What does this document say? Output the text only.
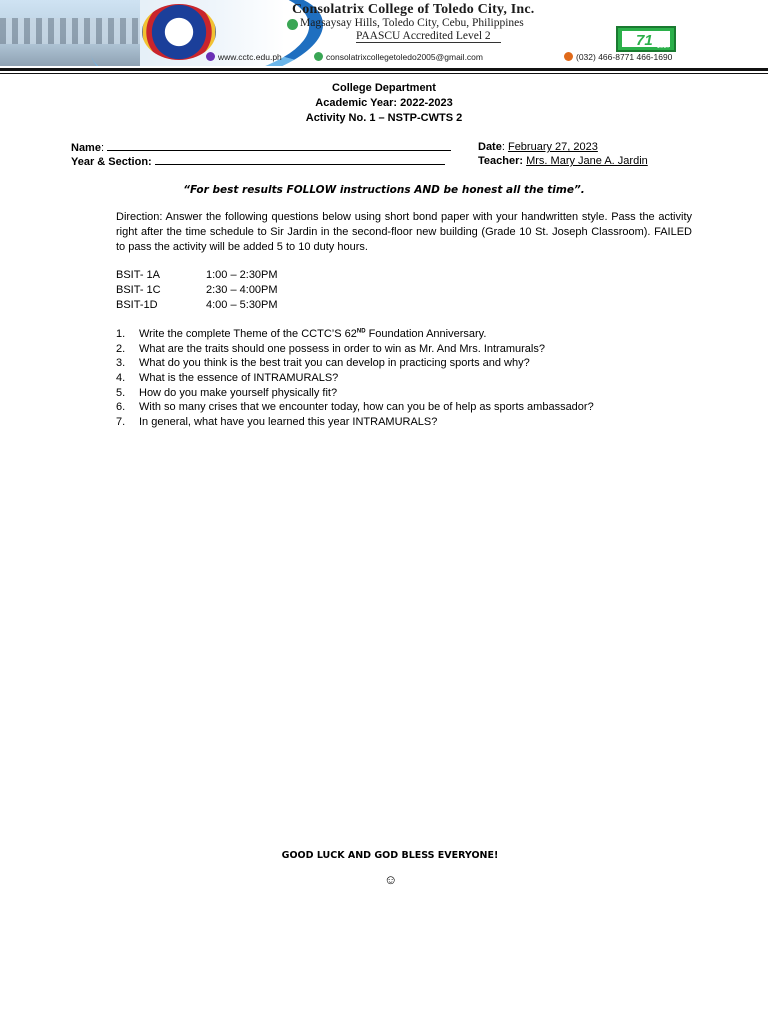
Consolatrix College of Toledo City, Inc.
Magsaysay Hills, Toledo City, Cebu, Philippines
PAASCU Accredited Level 2
www.cctc.edu.ph	consolatrixcollegetoledo2005@gmail.com	(032) 466-8771 466-1690
71 1957
College Department
Academic Year: 2022-2023
Activity No. 1 – NSTP-CWTS 2
Name:
Year & Section:
Date: February 27, 2023
Teacher: Mrs. Mary Jane A. Jardin
“For best results FOLLOW instructions AND be honest all the time”.
Direction: Answer the following questions below using short bond paper with your handwritten style. Pass the activity right after the time schedule to Sir Jardin in the second-floor new building (Grade 10 St. Joseph Classroom). FAILED to pass the activity will be added 5 to 10 duty hours.
BSIT- 1A	1:00 – 2:30PM
BSIT- 1C	2:30 – 4:00PM
BSIT-1D	4:00 – 5:30PM
1. Write the complete Theme of the CCTC’S 62ND Foundation Anniversary.
2. What are the traits should one possess in order to win as Mr. And Mrs. Intramurals?
3. What do you think is the best trait you can develop in practicing sports and why?
4. What is the essence of INTRAMURALS?
5. How do you make yourself physically fit?
6. With so many crises that we encounter today, how can you be of help as sports ambassador?
7. In general, what have you learned this year INTRAMURALS?
GOOD LUCK AND GOD BLESS EVERYONE!
☺
